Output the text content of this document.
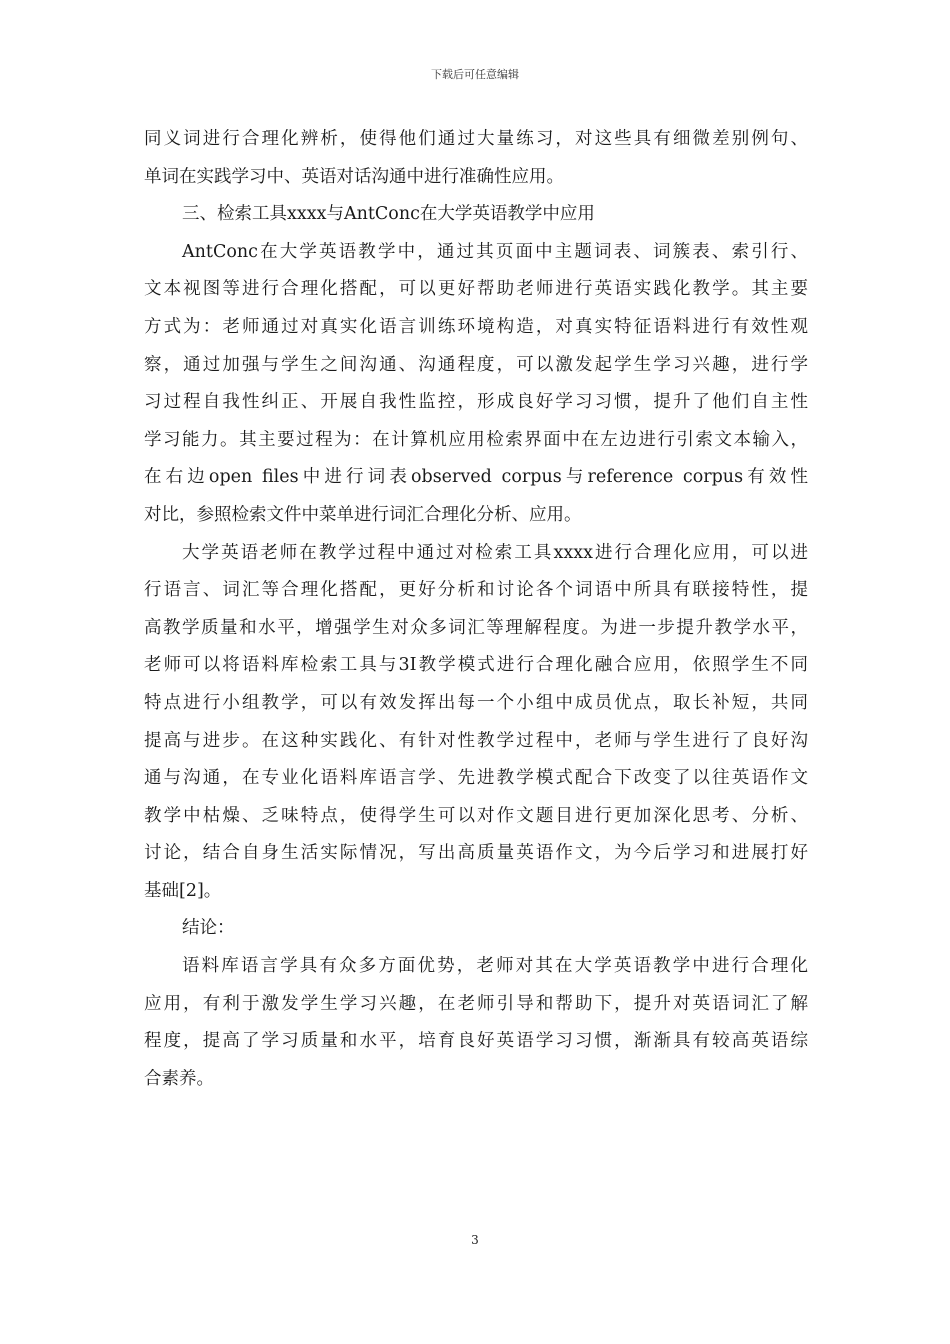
下载后可任意编辑
同义词进行合理化辨析，使得他们通过大量练习，对这些具有细微差别例句、
单词在实践学习中、英语对话沟通中进行准确性应用。
三、检索工具xxxx与AntConc在大学英语教学中应用
AntConc在大学英语教学中，通过其页面中主题词表、词簇表、索引行、
文本视图等进行合理化搭配，可以更好帮助老师进行英语实践化教学。其主要
方式为：老师通过对真实化语言训练环境构造，对真实特征语料进行有效性观
察，通过加强与学生之间沟通、沟通程度，可以激发起学生学习兴趣，进行学
习过程自我性纠正、开展自我性监控，形成良好学习习惯，提升了他们自主性
学习能力。其主要过程为：在计算机应用检索界面中在左边进行引索文本输入，
在右边open files中进行词表observed corpus与reference corpus有效性
对比，参照检索文件中菜单进行词汇合理化分析、应用。
大学英语老师在教学过程中通过对检索工具xxxx进行合理化应用，可以进
行语言、词汇等合理化搭配，更好分析和讨论各个词语中所具有联接特性，提
高教学质量和水平，增强学生对众多词汇等理解程度。为进一步提升教学水平，
老师可以将语料库检索工具与3I教学模式进行合理化融合应用，依照学生不同
特点进行小组教学，可以有效发挥出每一个小组中成员优点，取长补短，共同
提高与进步。在这种实践化、有针对性教学过程中，老师与学生进行了良好沟
通与沟通，在专业化语料库语言学、先进教学模式配合下改变了以往英语作文
教学中枯燥、乏味特点，使得学生可以对作文题目进行更加深化思考、分析、
讨论，结合自身生活实际情况，写出高质量英语作文，为今后学习和进展打好
基础[2]。
结论：
语料库语言学具有众多方面优势，老师对其在大学英语教学中进行合理化
应用，有利于激发学生学习兴趣，在老师引导和帮助下，提升对英语词汇了解
程度，提高了学习质量和水平，培育良好英语学习习惯，渐渐具有较高英语综
合素养。
3
